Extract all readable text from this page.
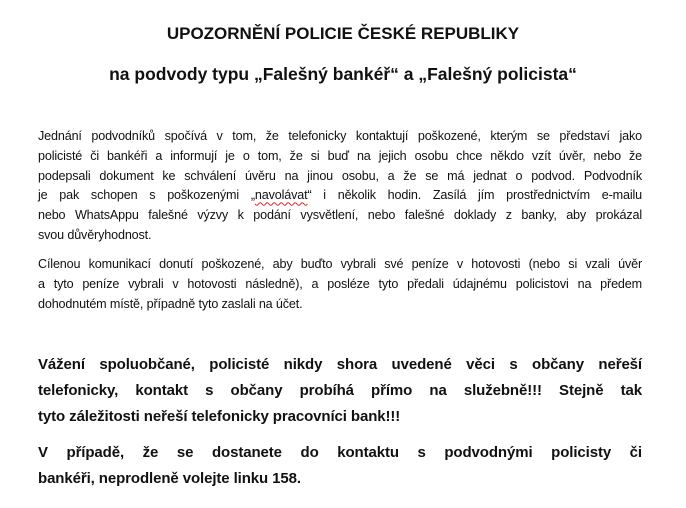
UPOZORNĚNÍ POLICIE ČESKÉ REPUBLIKY
na podvody typu „Falešný bankéř“ a „Falešný policista“
Jednání podvodníků spočívá v tom, že telefonicky kontaktují poškozené, kterým se představí jako
policisté či bankéři a informují je o tom, že si buď na jejich osobu chce někdo vzít úvěr, nebo že
podepsali dokument ke schválení úvěru na jinou osobu, a že se má jednat o podvod. Podvodník
je pak schopen s poškozenými „navolávat“ i několik hodin. Zasílá jím prostřednictvím e-mailu
nebo WhatsAppu falešné výzvy k podání vysvětlení, nebo falešné doklady z banky, aby prokázal
svou důvěryhodnost.
Cílenou komunikací donutí poškozené, aby buďto vybrali své peníze v hotovosti (nebo si vzali úvěr
a tyto peníze vybrali v hotovosti následně), a posléze tyto předali údajnému policistovi na předem
dohodnutém místě, případně tyto zaslali na účet.
Vážení spoluobčané, policisté nikdy shora uvedené věci s občany neřeší
telefonicky, kontakt s občany probíhá přímo na služebně!!! Stejně tak
tyto záležitosti neřeší telefonicky pracovníci bank!!!
V případě, že se dostanete do kontaktu s podvodnými policisty či
bankéři, neprodleně volejte linku 158.
